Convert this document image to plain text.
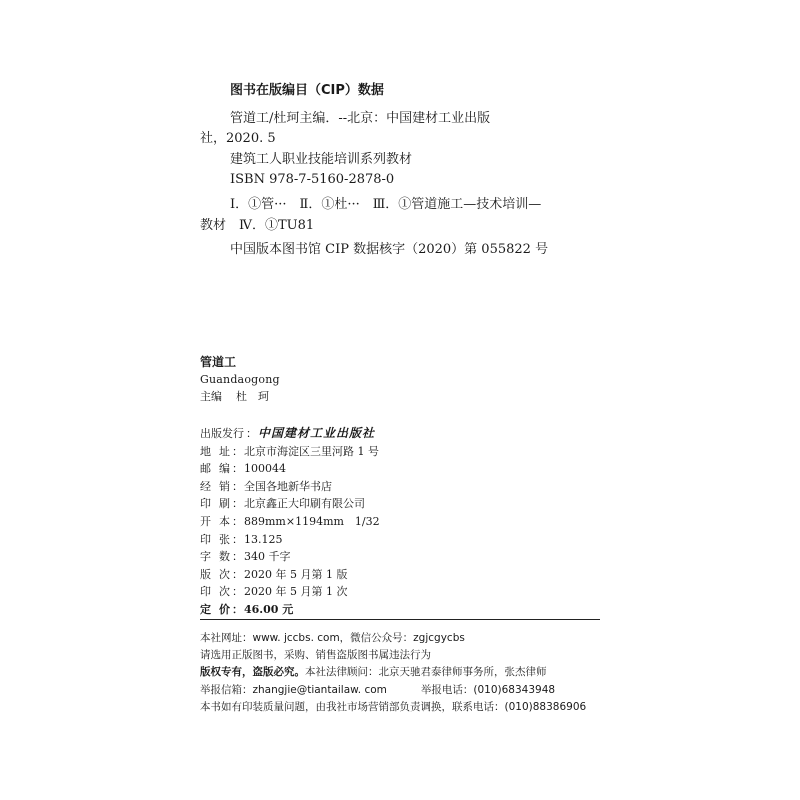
图书在版编目（CIP）数据
管道工/杜珂主编．--北京：中国建材工业出版
社，2020. 5
建筑工人职业技能培训系列教材
ISBN 978-7-5160-2878-0
Ⅰ．①管···　Ⅱ．①杜···　Ⅲ．①管道施工—技术培训—
教材　Ⅳ．①TU81
中国版本图书馆 CIP 数据核字（2020）第 055822 号
管道工
Guandaogong
主编 杜　珂
出版发行 ： 中国建材工业出版社
地 址 ： 北京市海淀区三里河路 1 号
邮 编 ： 100044
经 销 ： 全国各地新华书店
印 刷 ： 北京鑫正大印刷有限公司
开 本 ： 889mm×1194mm　1/32
印 张 ： 13.125
字 数 ： 340 千字
版 次 ： 2020 年 5 月第 1 版
印 次 ： 2020 年 5 月第 1 次
定 价 ： 46.00 元
本社网址：www. jccbs. com，微信公众号：zgjcgycbs
请选用正版图书，采购、销售盗版图书属违法行为
版权专有，盗版必究。本社法律顾问：北京天驰君泰律师事务所，张杰律师
举报信箱：zhangjie@tiantailaw. com	举报电话：(010)68343948
本书如有印装质量问题，由我社市场营销部负责调换，联系电话：(010)88386906
